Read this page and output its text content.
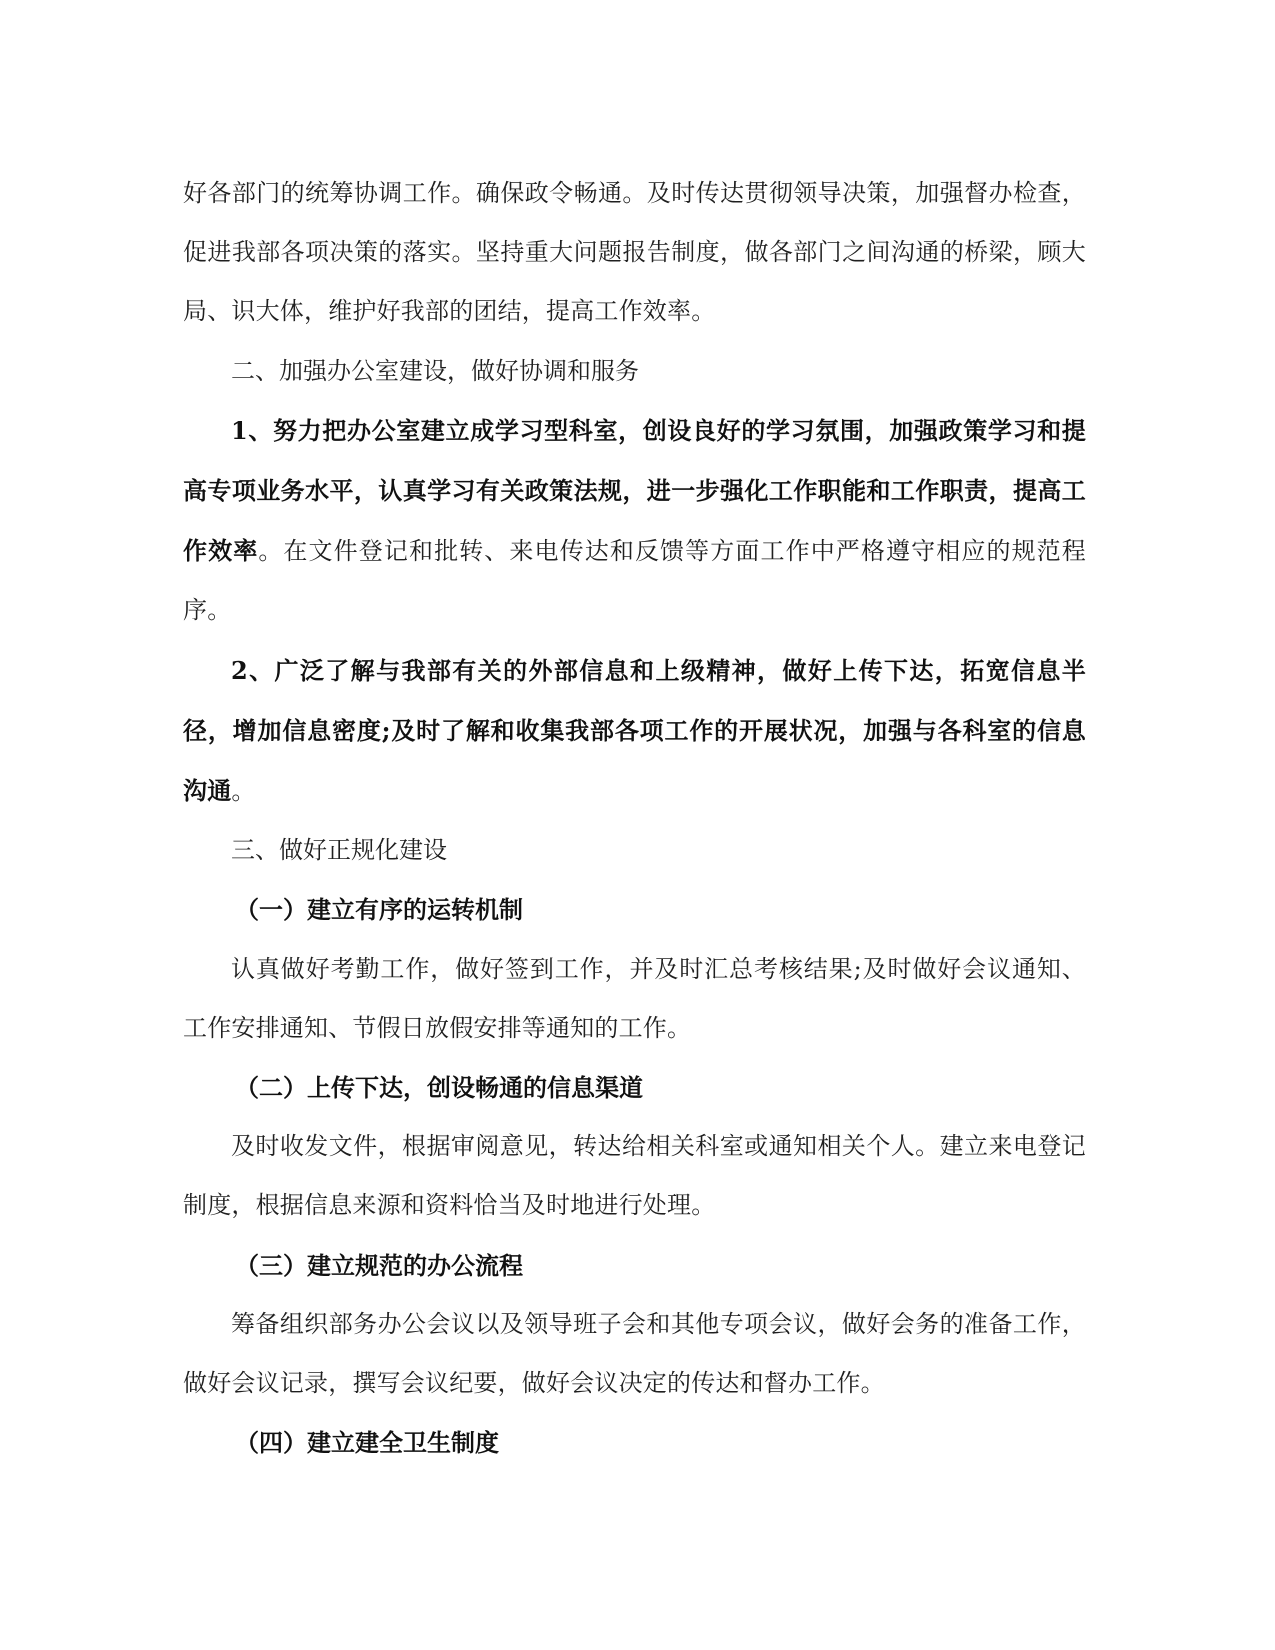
好各部门的统筹协调工作。确保政令畅通。及时传达贯彻领导决策，加强督办检查，促进我部各项决策的落实。坚持重大问题报告制度，做各部门之间沟通的桥梁，顾大局、识大体，维护好我部的团结，提高工作效率。

二、加强办公室建设，做好协调和服务

1、努力把办公室建立成学习型科室，创设良好的学习氛围，加强政策学习和提高专项业务水平，认真学习有关政策法规，进一步强化工作职能和工作职责，提高工作效率。在文件登记和批转、来电传达和反馈等方面工作中严格遵守相应的规范程序。

2、广泛了解与我部有关的外部信息和上级精神，做好上传下达，拓宽信息半径，增加信息密度;及时了解和收集我部各项工作的开展状况，加强与各科室的信息沟通。

三、做好正规化建设

（一）建立有序的运转机制

认真做好考勤工作，做好签到工作，并及时汇总考核结果;及时做好会议通知、工作安排通知、节假日放假安排等通知的工作。

（二）上传下达，创设畅通的信息渠道

及时收发文件，根据审阅意见，转达给相关科室或通知相关个人。建立来电登记制度，根据信息来源和资料恰当及时地进行处理。

（三）建立规范的办公流程

筹备组织部务办公会议以及领导班子会和其他专项会议，做好会务的准备工作，做好会议记录，撰写会议纪要，做好会议决定的传达和督办工作。

（四）建立建全卫生制度
